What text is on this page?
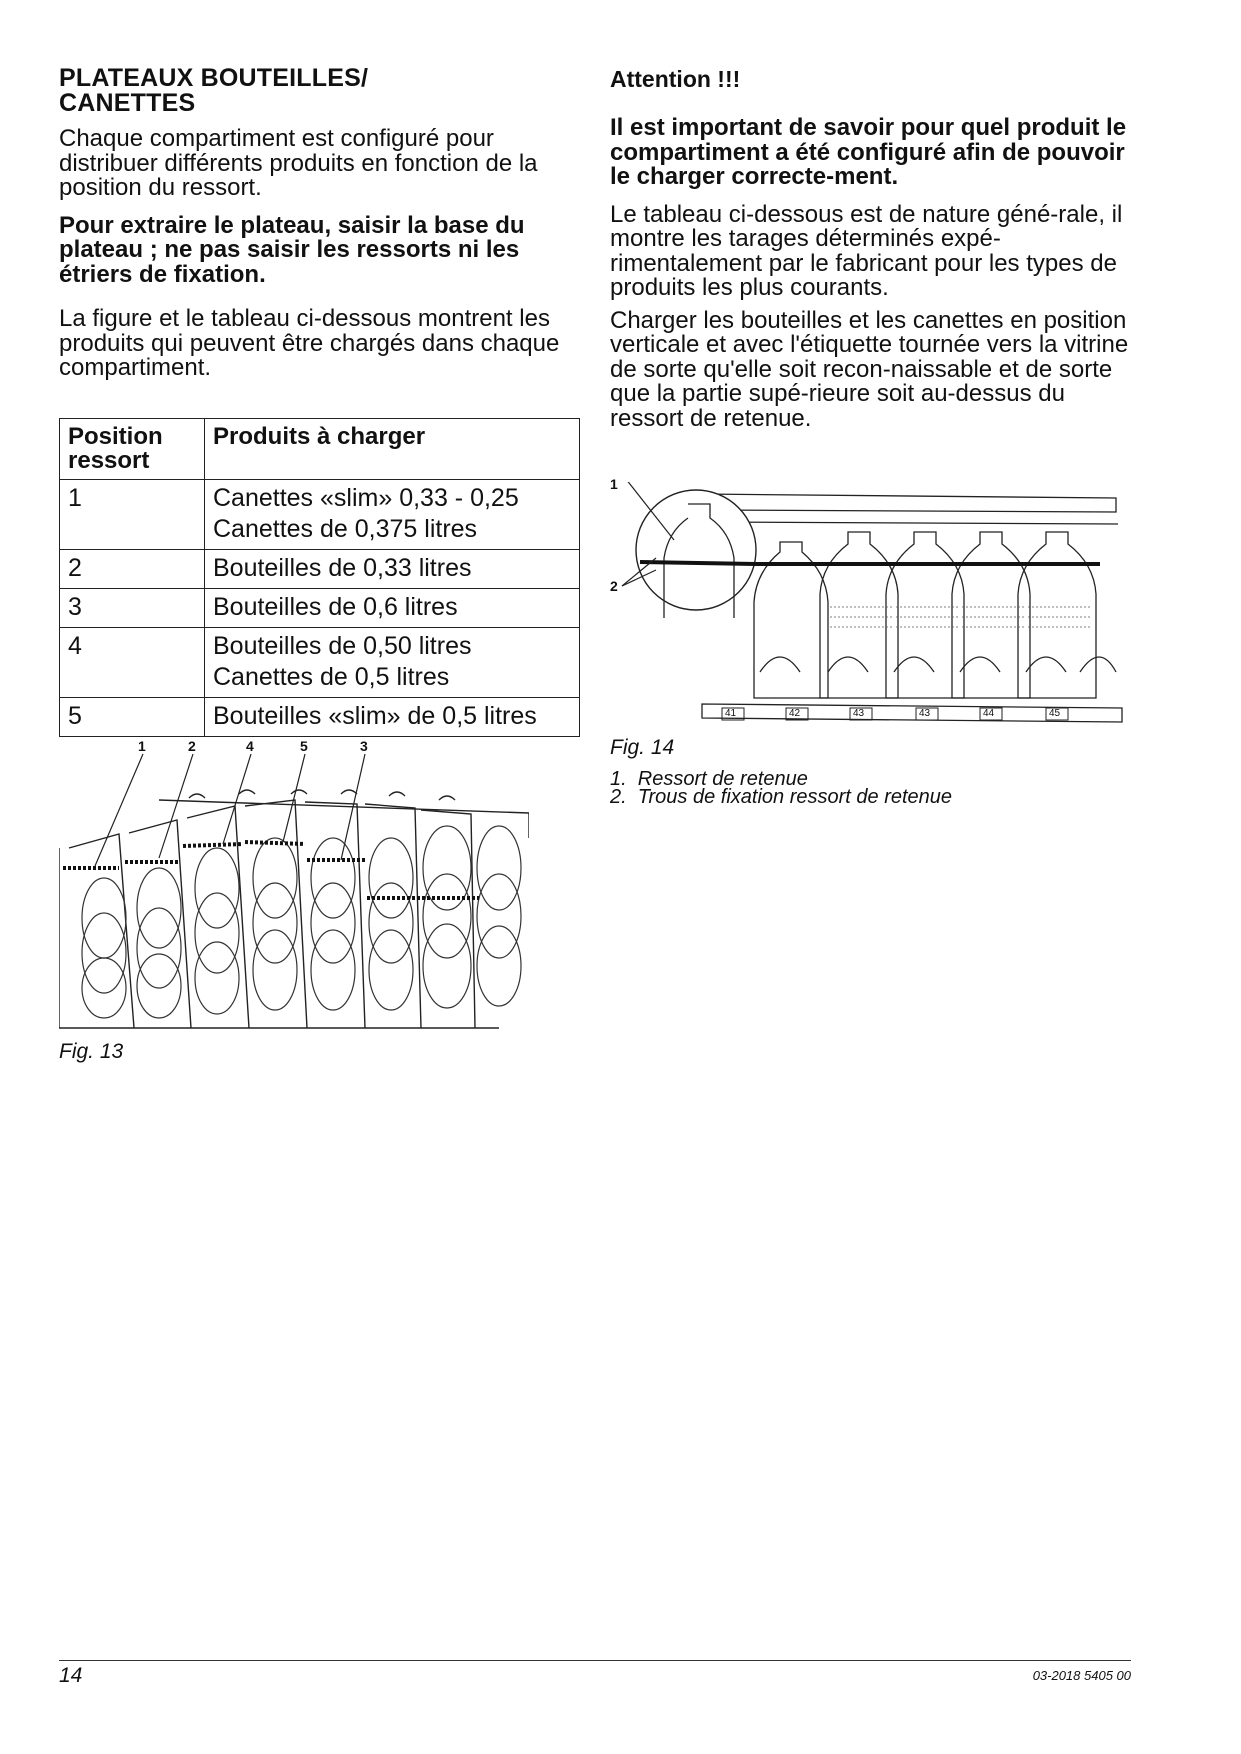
PLATEAUX BOUTEILLES/ CANETTES

Chaque compartiment est configuré pour distribuer différents produits en fonction de la position du ressort.

Pour extraire le plateau, saisir la base du plateau ; ne pas saisir les ressorts ni les étriers de fixation.

La figure et le tableau ci-dessous montrent les produits qui peuvent être chargés dans chaque compartiment.

Position ressort	Produits à charger
1	Canettes «slim» 0,33 - 0,25
Canettes de 0,375 litres

2	Bouteilles de 0,33 litres

3	Bouteilles de 0,6 litres

4	Bouteilles de 0,50 litres
Canettes de 0,5 litres

5	Bouteilles «slim» de 0,5 litres
1	2	4	5	3
Fig. 13

Attention !!!

Il est important de savoir pour quel produit le compartiment a été configuré afin de pouvoir le charger correcte-ment.

Le tableau ci-dessous est de nature géné-rale, il montre les tarages déterminés expé-rimentalement par le fabricant pour les types de produits les plus courants.

Charger les bouteilles et les canettes en position verticale et avec l'étiquette tournée vers la vitrine de sorte qu'elle soit recon-naissable et de sorte que la partie supé-rieure soit au-dessus du ressort de retenue.

1
2
41	42	43	43	44	45
Fig. 14
1.  Ressort de retenue
2.  Trous de fixation ressort de retenue
14	03-2018 5405 00
